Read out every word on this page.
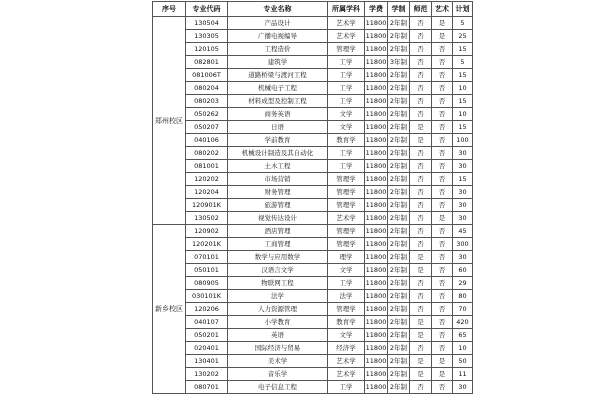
序号	专业代码	专业名称	所属学科	学费	学制	师范	艺术	计划
郑州校区	130504	产品设计	艺术学	11800	2年制	否	是	5
	130305	广播电视编导	艺术学	11800	2年制	否	是	25
	120105	工程造价	管理学	11800	2年制	否	否	15
	082801	建筑学	工学	11800	3年制	否	否	5
	081006T	道路桥梁与渡河工程	工学	11800	2年制	否	否	15
	080204	机械电子工程	工学	11800	2年制	否	否	10
	080203	材料成型及控制工程	工学	11800	2年制	否	否	15
	050262	商务英语	文学	11800	2年制	否	否	10
	050207	日语	文学	11800	2年制	是	否	15
	040106	学前教育	教育学	11800	2年制	是	否	100
	080202	机械设计制造及其自动化	工学	11800	2年制	否	否	30
	081001	土木工程	工学	11800	2年制	否	否	30
	120202	市场营销	管理学	11800	2年制	否	否	15
	120204	财务管理	管理学	11800	2年制	否	否	30
	120901K	旅游管理	管理学	11800	2年制	否	否	30
	130502	视觉传达设计	艺术学	11800	2年制	否	是	30
新乡校区	120902	酒店管理	管理学	11800	2年制	否	否	45
	120201K	工商管理	管理学	11800	2年制	否	否	300
	070101	数学与应用数学	理学	11800	2年制	是	否	30
	050101	汉语言文学	文学	11800	2年制	是	否	60
	080905	物联网工程	工学	11800	2年制	否	否	29
	030101K	法学	法学	11800	2年制	否	否	80
	120206	人力资源管理	管理学	11800	2年制	否	否	70
	040107	小学教育	教育学	11800	2年制	是	否	420
	050201	英语	文学	11800	2年制	是	否	65
	020401	国际经济与贸易	经济学	11800	2年制	否	否	10
	130401	美术学	艺术学	11800	2年制	是	是	50
	130202	音乐学	艺术学	11800	2年制	是	是	11
	080701	电子信息工程	工学	11800	2年制	否	否	30
